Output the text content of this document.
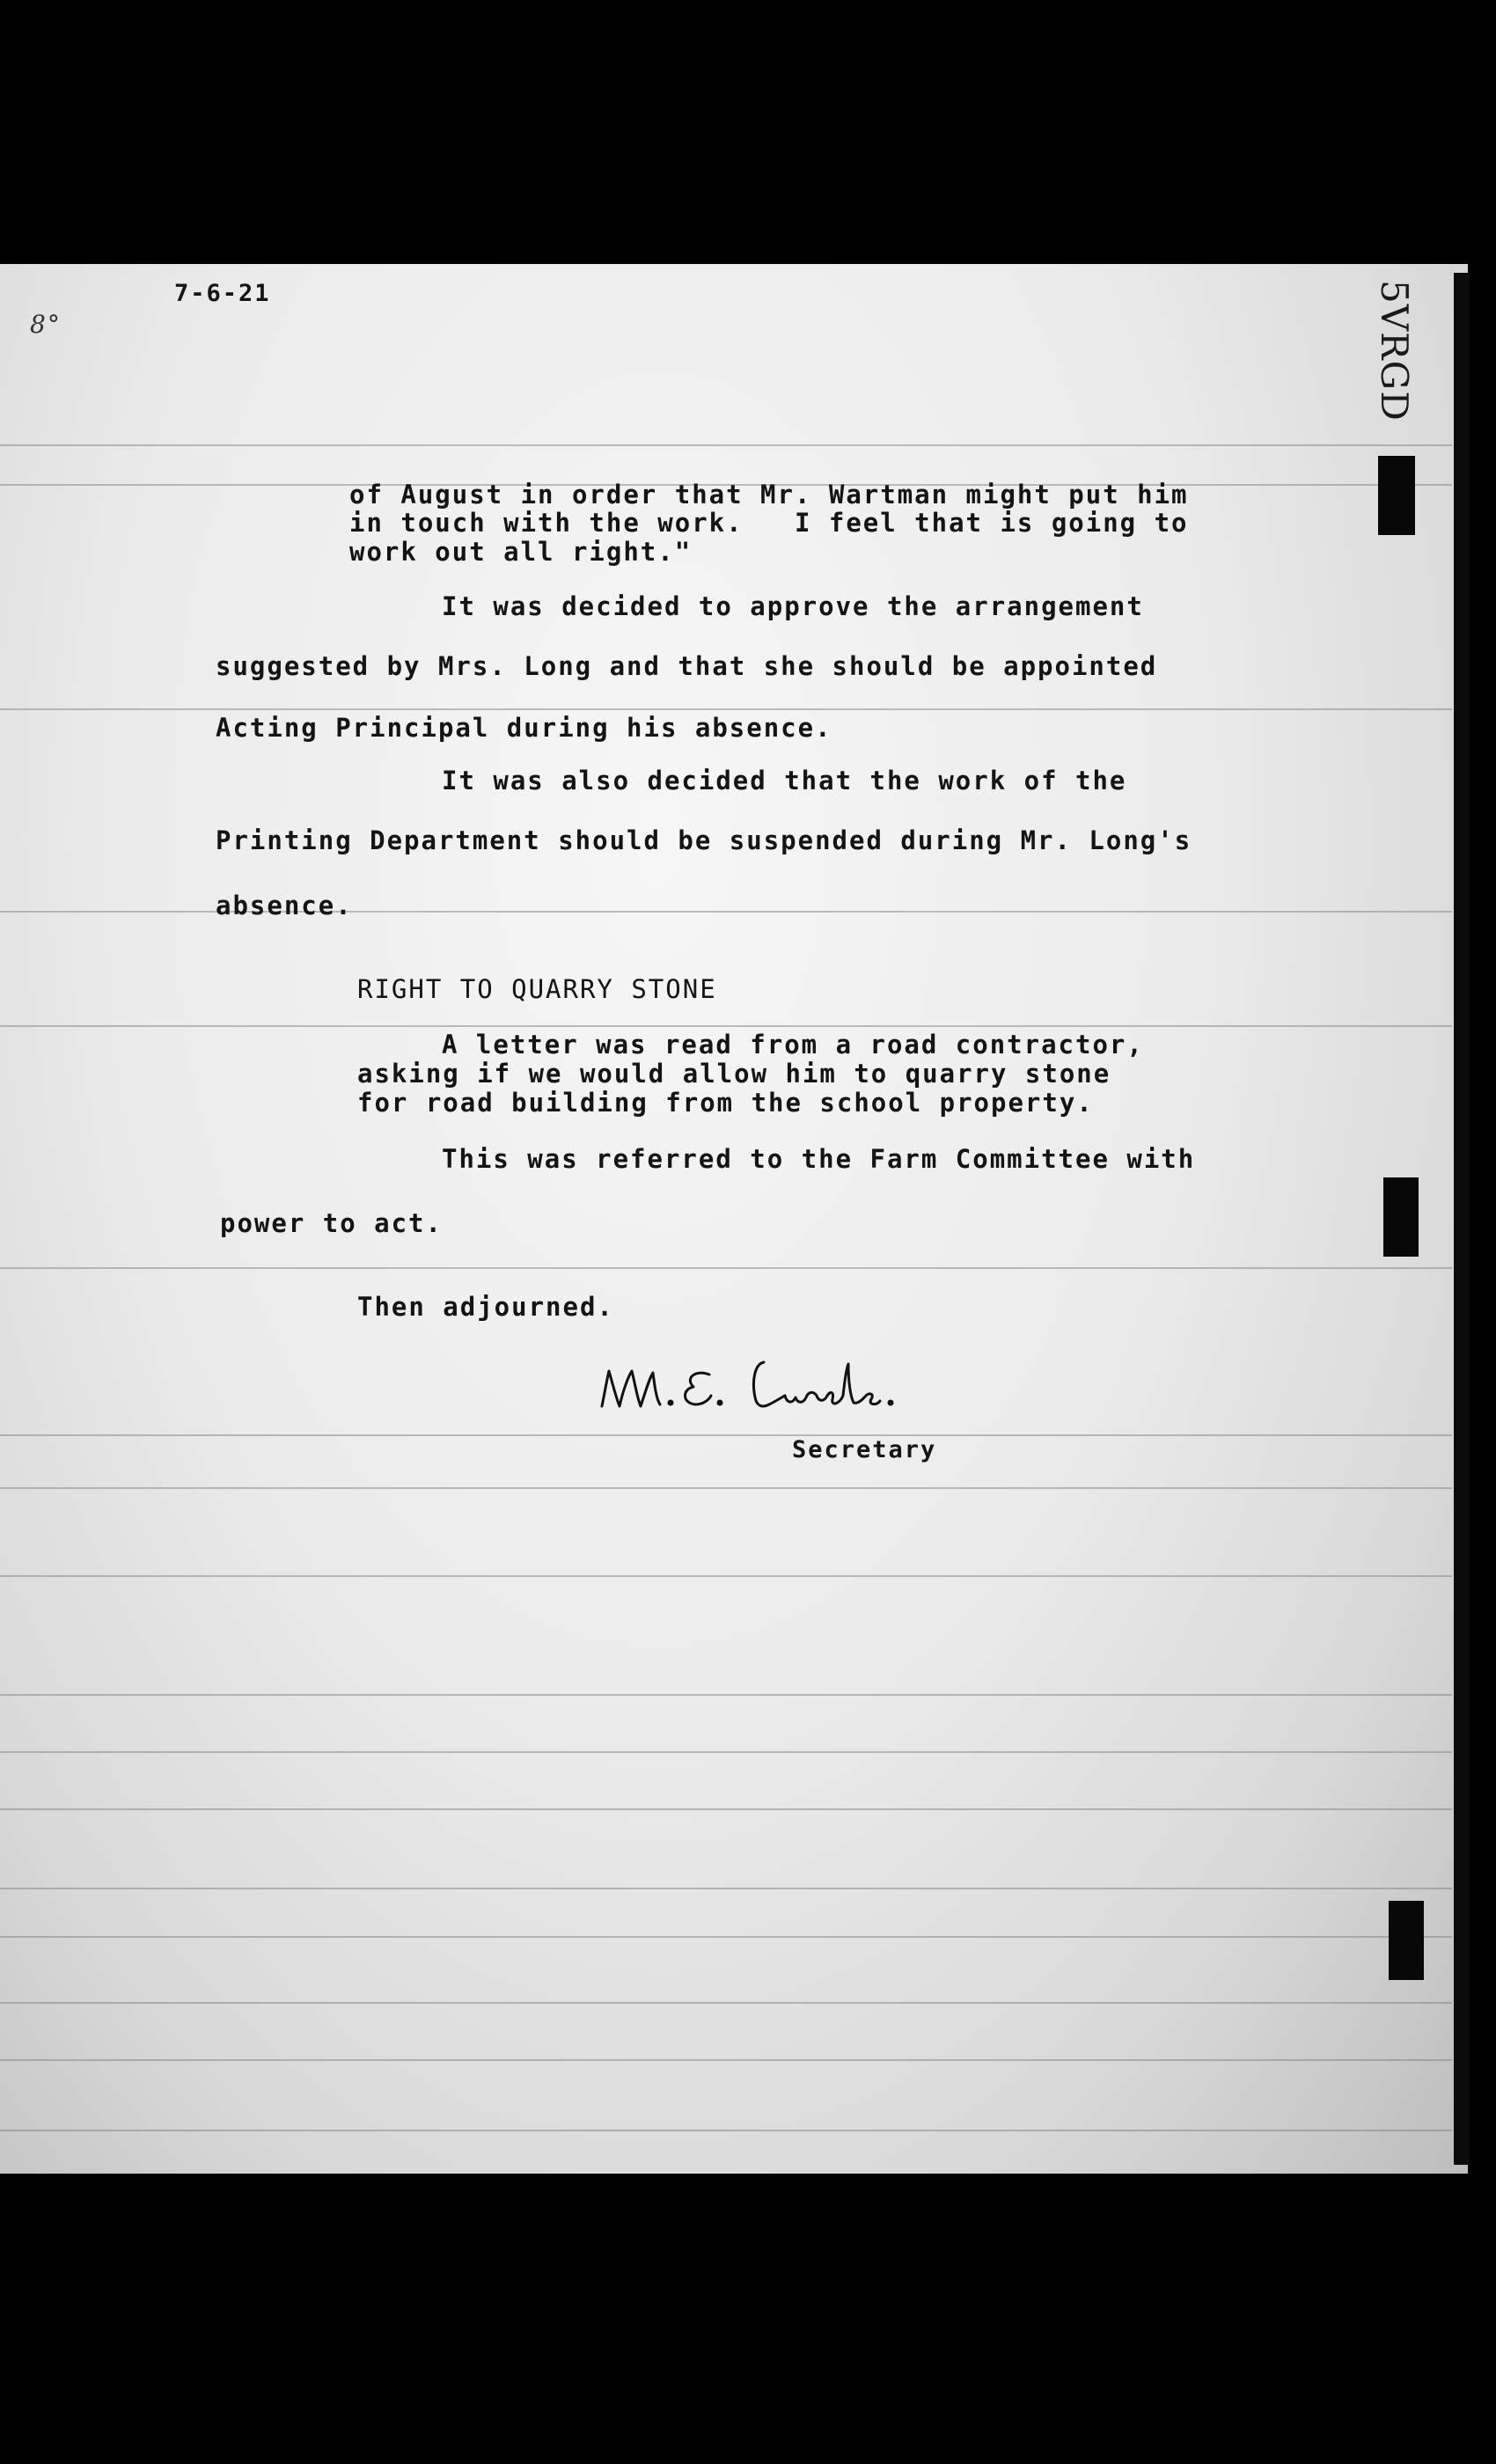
7-6-21

8°	5VRGD

of August in order that Mr. Wartman might put him

in touch with the work.   I feel that is going to

work out all right."

It was decided to approve the arrangement

suggested by Mrs. Long and that she should be appointed

Acting Principal during his absence.

It was also decided that the work of the

Printing Department should be suspended during Mr. Long's

absence.

RIGHT TO QUARRY STONE

A letter was read from a road contractor,

asking if we would allow him to quarry stone

for road building from the school property.

This was referred to the Farm Committee with

power to act.

Then adjourned.

Secretary
